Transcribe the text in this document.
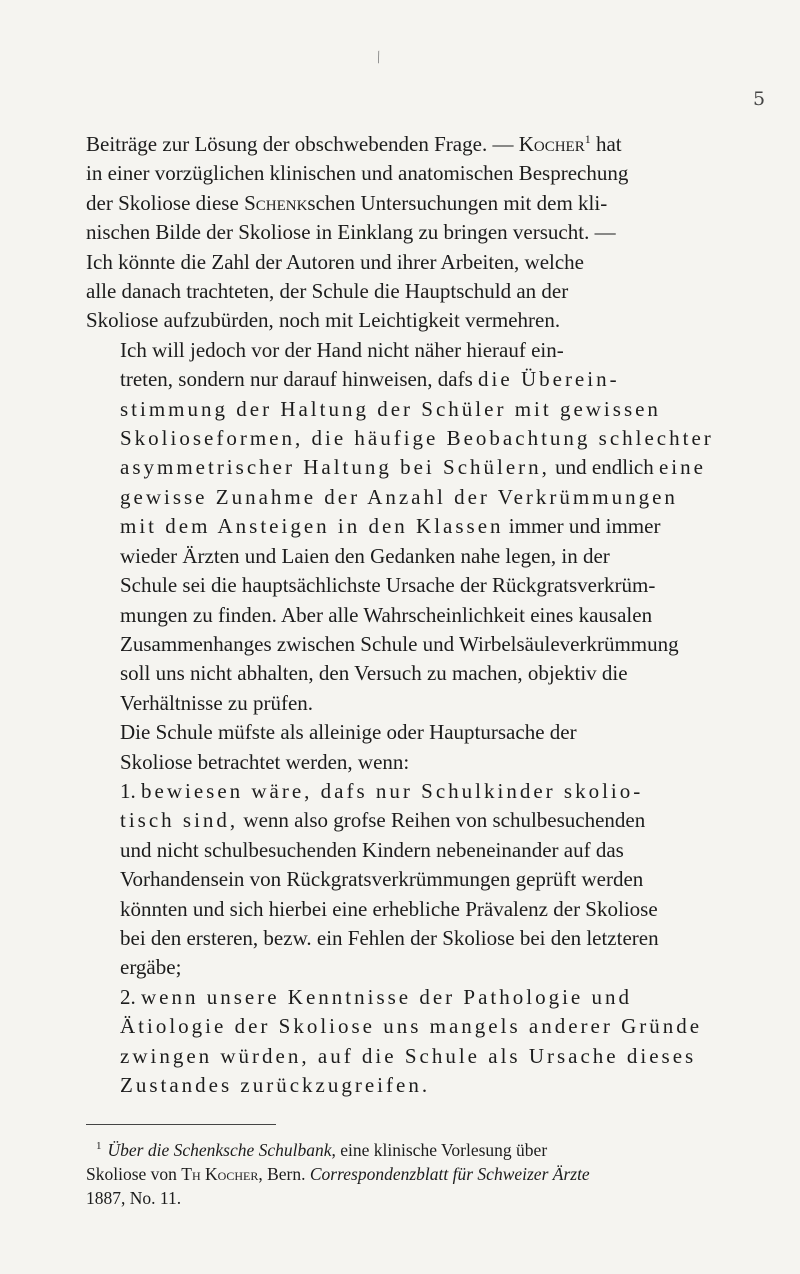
⁄
5

Beiträge zur Lösung der obschwebenden Frage. — Kocher$^1$ hat
in einer vorzüglichen klinischen und anatomischen Besprechung
der Skoliose diese Schenkschen Untersuchungen mit dem kli-
nischen Bilde der Skoliose in Einklang zu bringen versucht. —
Ich könnte die Zahl der Autoren und ihrer Arbeiten, welche
alle danach trachteten, der Schule die Hauptschuld an der
Skoliose aufzubürden, noch mit Leichtigkeit vermehren.

Ich will jedoch vor der Hand nicht näher hierauf ein-
treten, sondern nur darauf hinweisen, dafs die Überein-
stimmung der Haltung der Schüler mit gewissen
Skolioseformen, die häufige Beobachtung schlechter
asymmetrischer Haltung bei Schülern, und endlich eine
gewisse Zunahme der Anzahl der Verkrümmungen
mit dem Ansteigen in den Klassen immer und immer
wieder Ärzten und Laien den Gedanken nahe legen, in der
Schule sei die hauptsächlichste Ursache der Rückgratsverkrüm-
mungen zu finden. Aber alle Wahrscheinlichkeit eines kausalen
Zusammenhanges zwischen Schule und Wirbelsäuleverkrümmung
soll uns nicht abhalten, den Versuch zu machen, objektiv die
Verhältnisse zu prüfen.

Die Schule müfste als alleinige oder Hauptursache der
Skoliose betrachtet werden, wenn:

1. bewiesen wäre, dafs nur Schulkinder skolio-
tisch sind, wenn also grofse Reihen von schulbesuchenden
und nicht schulbesuchenden Kindern nebeneinander auf das
Vorhandensein von Rückgratsverkrümmungen geprüft werden
könnten und sich hierbei eine erhebliche Prävalenz der Skoliose
bei den ersteren, bezw. ein Fehlen der Skoliose bei den letzteren
ergäbe;

2. wenn unsere Kenntnisse der Pathologie und
Ätiologie der Skoliose uns mangels anderer Gründe
zwingen würden, auf die Schule als Ursache dieses
Zustandes zurückzugreifen.

$^1$ Über die Schenksche Schulbank, eine klinische Vorlesung über
Skoliose von Th Kocher, Bern. Correspondenzblatt für Schweizer Ärzte
1887, No. 11.
